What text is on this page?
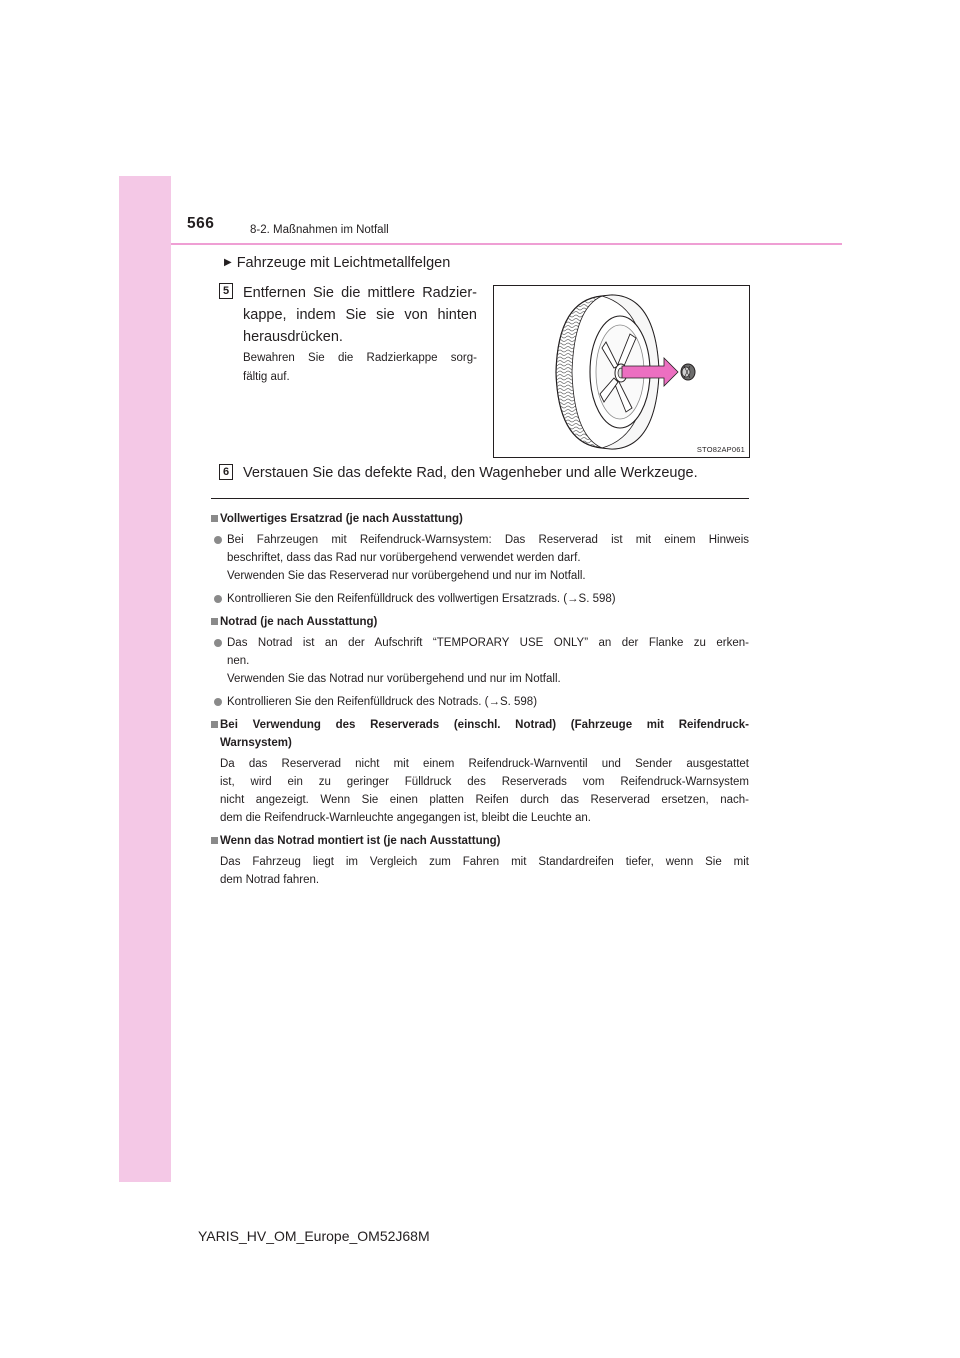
566	8-2. Maßnahmen im Notfall
▶ Fahrzeuge mit Leichtmetallfelgen
5 Entfernen Sie die mittlere Radzier-
kappe, indem Sie sie von hinten
herausdrücken.
Bewahren Sie die Radzierkappe sorg-
fältig auf.
STO82AP061
6 Verstauen Sie das defekte Rad, den Wagenheber und alle Werkzeuge.
Vollwertiges Ersatzrad (je nach Ausstattung)
Bei Fahrzeugen mit Reifendruck-Warnsystem: Das Reserverad ist mit einem Hinweis
beschriftet, dass das Rad nur vorübergehend verwendet werden darf.
Verwenden Sie das Reserverad nur vorübergehend und nur im Notfall.
Kontrollieren Sie den Reifenfülldruck des vollwertigen Ersatzrads. (→S. 598)
Notrad (je nach Ausstattung)
Das Notrad ist an der Aufschrift “TEMPORARY USE ONLY” an der Flanke zu erken-
nen.
Verwenden Sie das Notrad nur vorübergehend und nur im Notfall.
Kontrollieren Sie den Reifenfülldruck des Notrads. (→S. 598)
Bei Verwendung des Reserverads (einschl. Notrad) (Fahrzeuge mit Reifendruck-
Warnsystem)
Da das Reserverad nicht mit einem Reifendruck-Warnventil und Sender ausgestattet
ist, wird ein zu geringer Fülldruck des Reserverads vom Reifendruck-Warnsystem
nicht angezeigt. Wenn Sie einen platten Reifen durch das Reserverad ersetzen, nach-
dem die Reifendruck-Warnleuchte angegangen ist, bleibt die Leuchte an.
Wenn das Notrad montiert ist (je nach Ausstattung)
Das Fahrzeug liegt im Vergleich zum Fahren mit Standardreifen tiefer, wenn Sie mit
dem Notrad fahren.
YARIS_HV_OM_Europe_OM52J68M
